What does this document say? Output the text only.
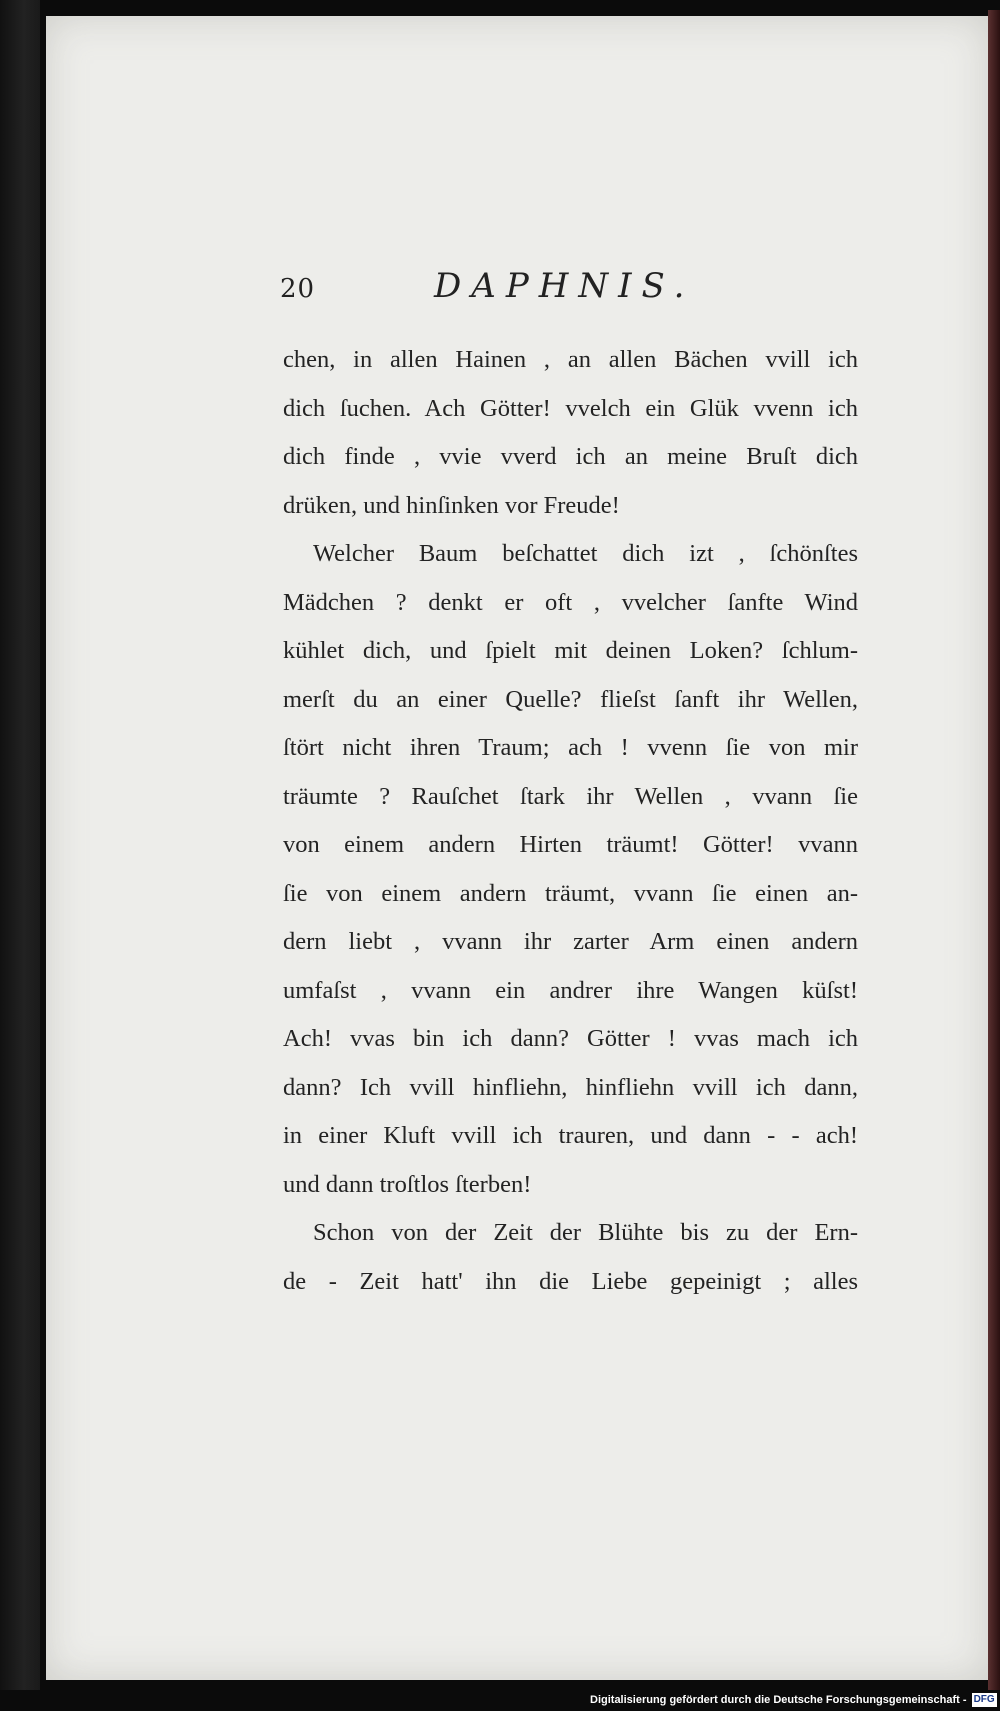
20	DAPHNIS.
chen, in allen Hainen , an allen Bächen vvill ich
dich ſuchen. Ach Götter! vvelch ein Glük vvenn ich
dich finde , vvie vverd ich an meine Bruſt dich
drüken, und hinſinken vor Freude!
Welcher Baum beſchattet dich izt , ſchönſtes
Mädchen ? denkt er oft , vvelcher ſanfte Wind
kühlet dich, und ſpielt mit deinen Loken? ſchlum-
merſt du an einer Quelle? flieſst ſanft ihr Wellen,
ſtört nicht ihren Traum; ach ! vvenn ſie von mir
träumte ? Rauſchet ſtark ihr Wellen , vvann ſie
von einem andern Hirten träumt! Götter! vvann
ſie von einem andern träumt, vvann ſie einen an-
dern liebt , vvann ihr zarter Arm einen andern
umfaſst , vvann ein andrer ihre Wangen küſst!
Ach! vvas bin ich dann? Götter ! vvas mach ich
dann? Ich vvill hinfliehn, hinfliehn vvill ich dann,
in einer Kluft vvill ich trauren, und dann - - ach!
und dann troſtlos ſterben!
Schon von der Zeit der Blühte bis zu der Ern-
de - Zeit hatt' ihn die Liebe gepeinigt ; alles
Digitalisierung gefördert durch die Deutsche Forschungsgemeinschaft - DFG
